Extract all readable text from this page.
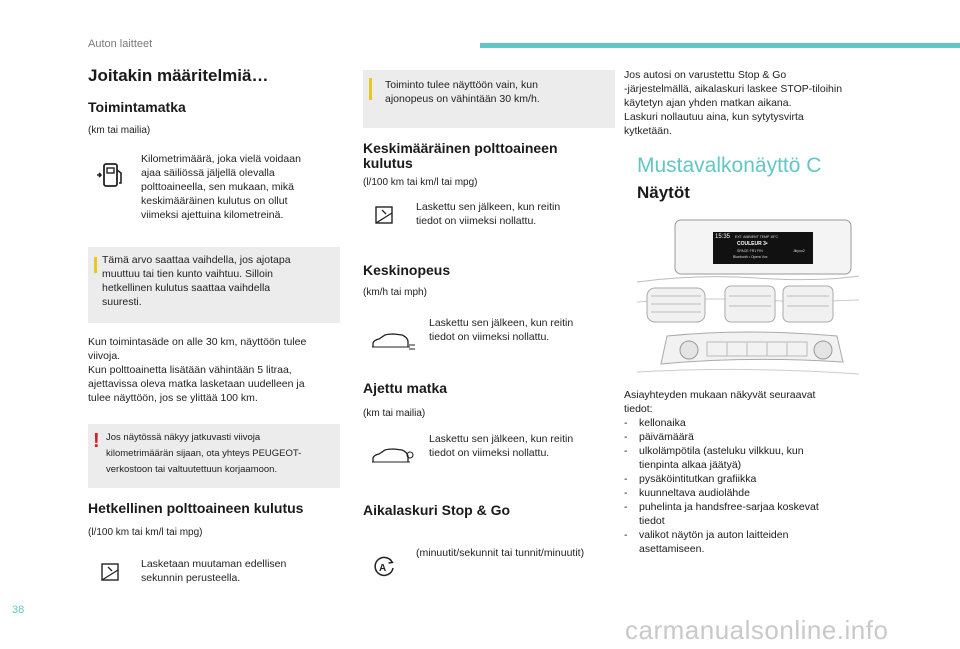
Auton laitteet
Joitakin määritelmiä…
Toimintamatka
(km tai mailia)
Kilometrimäärä, joka vielä voidaan
ajaa säiliössä jäljellä olevalla
polttoaineella, sen mukaan, mikä
keskimääräinen kulutus on ollut
viimeksi ajettuina kilometreinä.
Tämä arvo saattaa vaihdella, jos ajotapa
muuttuu tai tien kunto vaihtuu. Silloin
hetkellinen kulutus saattaa vaihdella
suuresti.
Kun toimintasäde on alle 30 km, näyttöön tulee
viivoja.
Kun polttoainetta lisätään vähintään 5 litraa,
ajettavissa oleva matka lasketaan uudelleen ja
tulee näyttöön, jos se ylittää 100 km.
! Jos näytössä näkyy jatkuvasti viivoja
kilometrimäärän sijaan, ota yhteys PEUGEOT-
verkostoon tai valtuutettuun korjaamoon.
Hetkellinen polttoaineen kulutus
(l/100 km tai km/l tai mpg)
Lasketaan muutaman edellisen
sekunnin perusteella.
Toiminto tulee näyttöön vain, kun
ajonopeus on vähintään 30 km/h.
Keskimääräinen polttoaineen
kulutus
(l/100 km tai km/l tai mpg)
Laskettu sen jälkeen, kun reitin
tiedot on viimeksi nollattu.
Keskinopeus
(km/h tai mph)
Laskettu sen jälkeen, kun reitin
tiedot on viimeksi nollattu.
Ajettu matka
(km tai mailia)
Laskettu sen jälkeen, kun reitin
tiedot on viimeksi nollattu.
Aikalaskuri Stop & Go
A
(minuutit/sekunnit tai tunnit/minuutit)
Jos autosi on varustettu Stop & Go
-järjestelmällä, aikalaskuri laskee STOP-tiloihin
käytetyn ajan yhden matkan aikana.
Laskuri nollautuu aina, kun sytytysvirta
kytketään.
Mustavalkonäyttö C
Näytöt
15:35 EXT. AMBIENT TEMP 18°C
COULEUR 3•
SPACE FR1 FIN
Bluetooth • Opera Vox
Jikyoo2
Asiayhteyden mukaan näkyvät seuraavat
tiedot:
- kellonaika
- päivämäärä
- ulkolämpötila (asteluku vilkkuu, kun
tienpinta alkaa jäätyä)
- pysäköintitutkan grafiikka
- kuunneltava audiolähde
- puhelinta ja handsfree-sarjaa koskevat
tiedot
- valikot näytön ja auton laitteiden
asettamiseen.
38
carmanualsonline.info
